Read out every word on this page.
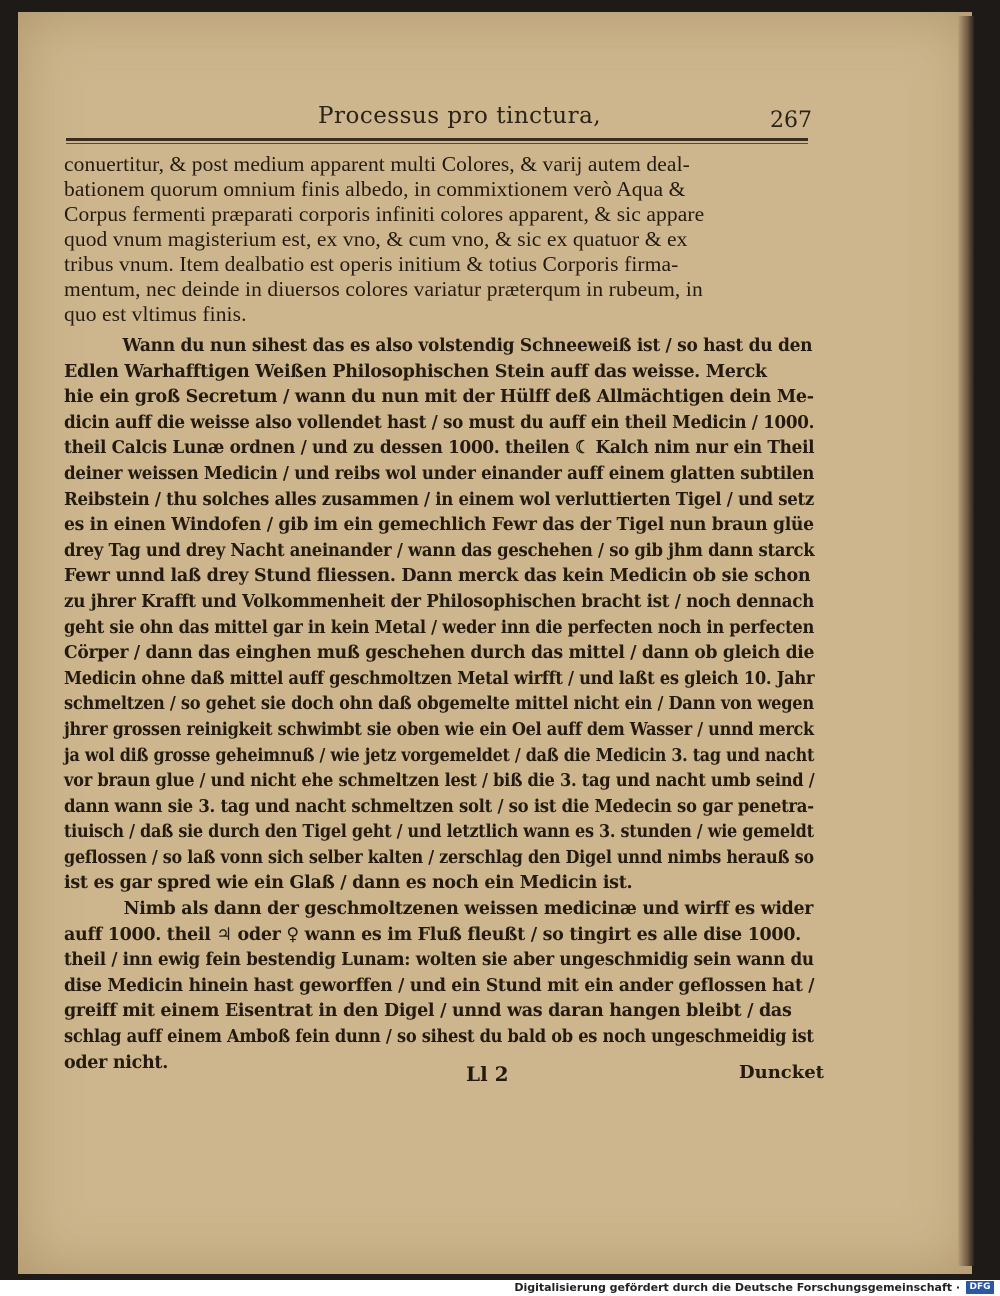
Processus pro tinctura,	267
conuertitur, & post medium apparent multi Colores, & varij autem deal-
bationem quorum omnium finis albedo, in commixtionem verò Aqua &
Corpus fermenti præparati corporis infiniti colores apparent, & sic appare
quod vnum magisterium est, ex vno, & cum vno, & sic ex quatuor & ex
tribus vnum. Item dealbatio est operis initium & totius Corporis firma-
mentum, nec deinde in diuersos colores variatur præterqum in rubeum, in
quo est vltimus finis.
Wann du nun sihest das es also volstendig Schneeweiß ist / so hast du den
Edlen Warhafftigen Weißen Philosophischen Stein auff das weisse. Merck
hie ein groß Secretum / wann du nun mit der Hülff deß Allmächtigen dein Me-
dicin auff die weisse also vollendet hast / so must du auff ein theil Medicin / 1000.
theil Calcis Lunæ ordnen / und zu dessen 1000. theilen ☾ Kalch nim nur ein Theil
deiner weissen Medicin / und reibs wol under einander auff einem glatten subtilen
Reibstein / thu solches alles zusammen / in einem wol verluttierten Tigel / und setz
es in einen Windofen / gib im ein gemechlich Fewr das der Tigel nun braun glüe
drey Tag und drey Nacht aneinander / wann das geschehen / so gib jhm dann starck
Fewr unnd laß drey Stund fliessen. Dann merck das kein Medicin ob sie schon
zu jhrer Krafft und Volkommenheit der Philosophischen bracht ist / noch dennach
geht sie ohn das mittel gar in kein Metal / weder inn die perfecten noch in perfecten
Cörper / dann das einghen muß geschehen durch das mittel / dann ob gleich die
Medicin ohne daß mittel auff geschmoltzen Metal wirfft / und laßt es gleich 10. Jahr
schmeltzen / so gehet sie doch ohn daß obgemelte mittel nicht ein / Dann von wegen
jhrer grossen reinigkeit schwimbt sie oben wie ein Oel auff dem Wasser / unnd merck
ja wol diß grosse geheimnuß / wie jetz vorgemeldet / daß die Medicin 3. tag und nacht
vor braun glue / und nicht ehe schmeltzen lest / biß die 3. tag und nacht umb seind /
dann wann sie 3. tag und nacht schmeltzen solt / so ist die Medecin so gar penetra-
tiuisch / daß sie durch den Tigel geht / und letztlich wann es 3. stunden / wie gemeldt
geflossen / so laß vonn sich selber kalten / zerschlag den Digel unnd nimbs herauß so
ist es gar spred wie ein Glaß / dann es noch ein Medicin ist.
Nimb als dann der geschmoltzenen weissen medicinæ und wirff es wider
auff 1000. theil ♃ oder ♀ wann es im Fluß fleußt / so tingirt es alle dise 1000.
theil / inn ewig fein bestendig Lunam: wolten sie aber ungeschmidig sein wann du
dise Medicin hinein hast geworffen / und ein Stund mit ein ander geflossen hat /
greiff mit einem Eisentrat in den Digel / unnd was daran hangen bleibt / das
schlag auff einem Amboß fein dunn / so sihest du bald ob es noch ungeschmeidig ist
oder nicht.	Ll 2	Duncket
Digitalisierung gefördert durch die Deutsche Forschungsgemeinschaft ·	DFG
